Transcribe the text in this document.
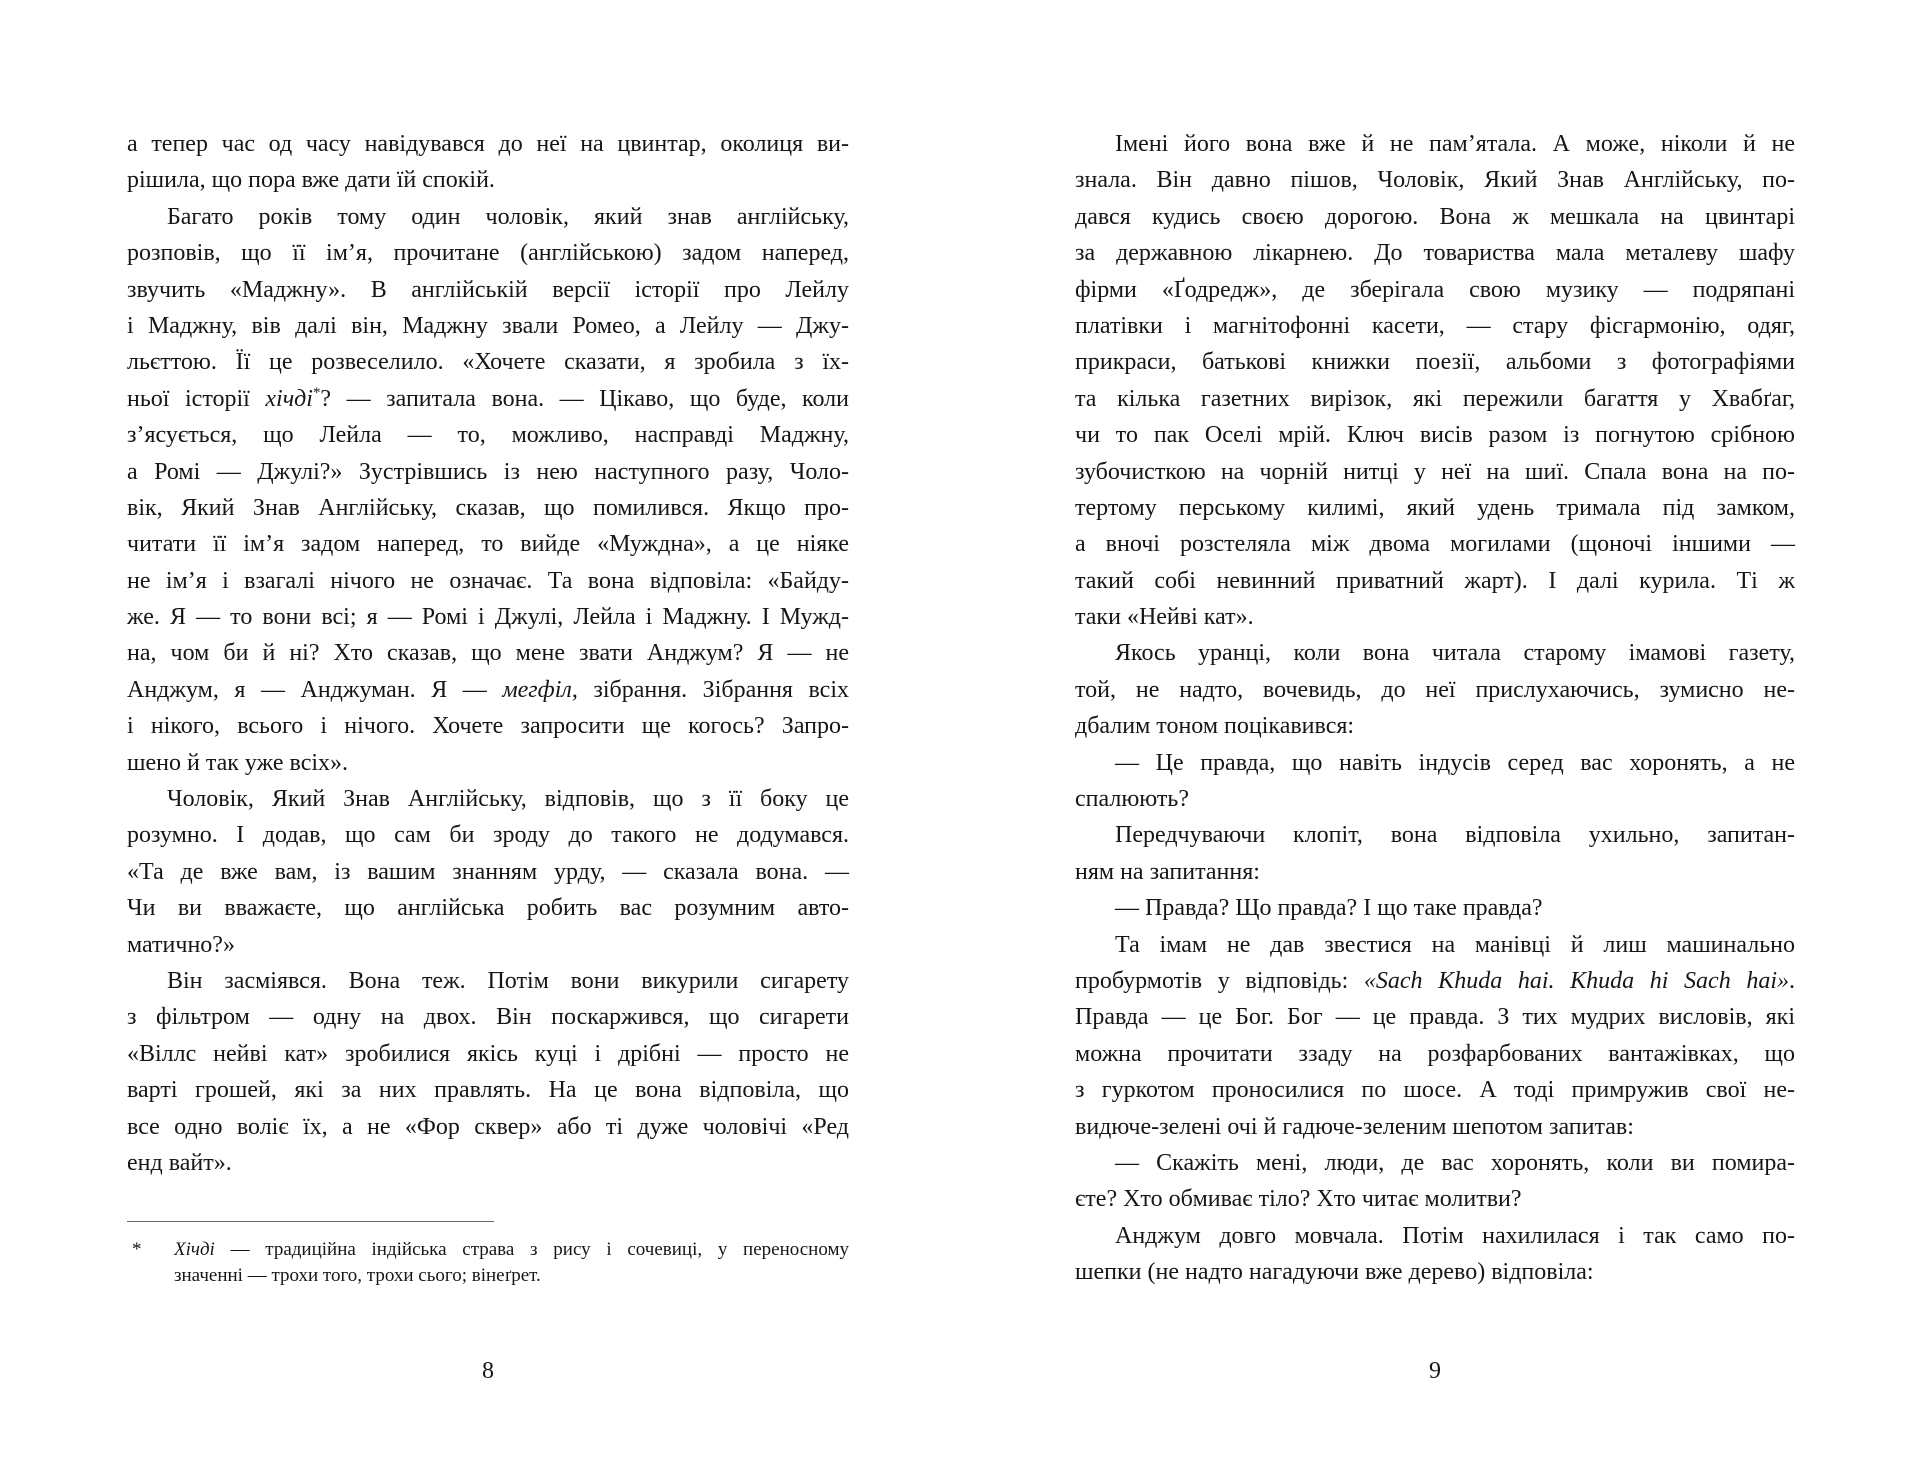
а тепер час од часу навідувався до неї на цвинтар, околиця ви-
рішила, що пора вже дати їй спокій.
Багато років тому один чоловік, який знав англійську,
розповів, що її ім’я, прочитане (англійською) задом наперед,
звучить «Маджну». В англійській версії історії про Лейлу
і Маджну, вів далі він, Маджну звали Ромео, а Лейлу — Джу-
льєттою. Її це розвеселило. «Хочете сказати, я зробила з їх-
ньої історії хічді*? — запитала вона. — Цікаво, що буде, коли
з’ясується, що Лейла — то, можливо, насправді Маджну,
а Ромі — Джулі?» Зустрівшись із нею наступного разу, Чоло-
вік, Який Знав Англійську, сказав, що помилився. Якщо про-
читати її ім’я задом наперед, то вийде «Муждна», а це ніяке
не ім’я і взагалі нічого не означає. Та вона відповіла: «Байду-
же. Я — то вони всі; я — Ромі і Джулі, Лейла і Маджну. І Мужд-
на, чом би й ні? Хто сказав, що мене звати Анджум? Я — не
Анджум, я — Анджуман. Я — мегфіл, зібрання. Зібрання всіх
і нікого, всього і нічого. Хочете запросити ще когось? Запро-
шено й так уже всіх».
Чоловік, Який Знав Англійську, відповів, що з її боку це
розумно. І додав, що сам би зроду до такого не додумався.
«Та де вже вам, із вашим знанням урду, — сказала вона. —
Чи ви вважаєте, що англійська робить вас розумним авто-
матично?»
Він засміявся. Вона теж. Потім вони викурили сигарету
з фільтром — одну на двох. Він поскаржився, що сигарети
«Віллс нейві кат» зробилися якісь куці і дрібні — просто не
варті грошей, які за них правлять. На це вона відповіла, що
все одно воліє їх, а не «Фор сквер» або ті дуже чоловічі «Ред
енд вайт».
* Хічді — традиційна індійська страва з рису і сочевиці, у переносному
значенні — трохи того, трохи сього; вінеґрет.
8
Імені його вона вже й не пам’ятала. А може, ніколи й не
знала. Він давно пішов, Чоловік, Який Знав Англійську, по-
дався кудись своєю дорогою. Вона ж мешкала на цвинтарі
за державною лікарнею. До товариства мала металеву шафу
фірми «Ґодредж», де зберігала свою музику — подряпані
платівки і магнітофонні касети, — стару фісгармонію, одяг,
прикраси, батькові книжки поезії, альбоми з фотографіями
та кілька газетних вирізок, які пережили багаття у Хвабґаг,
чи то пак Оселі мрій. Ключ висів разом із погнутою срібною
зубочисткою на чорній нитці у неї на шиї. Спала вона на по-
тертому перському килимі, який удень тримала під замком,
а вночі розстеляла між двома могилами (щоночі іншими —
такий собі невинний приватний жарт). І далі курила. Ті ж
таки «Нейві кат».
Якось уранці, коли вона читала старому імамові газету,
той, не надто, вочевидь, до неї прислухаючись, зумисно не-
дбалим тоном поцікавився:
— Це правда, що навіть індусів серед вас хоронять, а не
спалюють?
Передчуваючи клопіт, вона відповіла ухильно, запитан-
ням на запитання:
— Правда? Що правда? І що таке правда?
Та імам не дав звестися на манівці й лиш машинально
пробурмотів у відповідь: «Sach Khuda hai. Khuda hi Sach hai».
Правда — це Бог. Бог — це правда. З тих мудрих висловів, які
можна прочитати ззаду на розфарбованих вантажівках, що
з гуркотом проносилися по шосе. А тоді примружив свої не-
видюче-зелені очі й гадюче-зеленим шепотом запитав:
— Скажіть мені, люди, де вас хоронять, коли ви помира-
єте? Хто обмиває тіло? Хто читає молитви?
Анджум довго мовчала. Потім нахилилася і так само по-
шепки (не надто нагадуючи вже дерево) відповіла:
9
